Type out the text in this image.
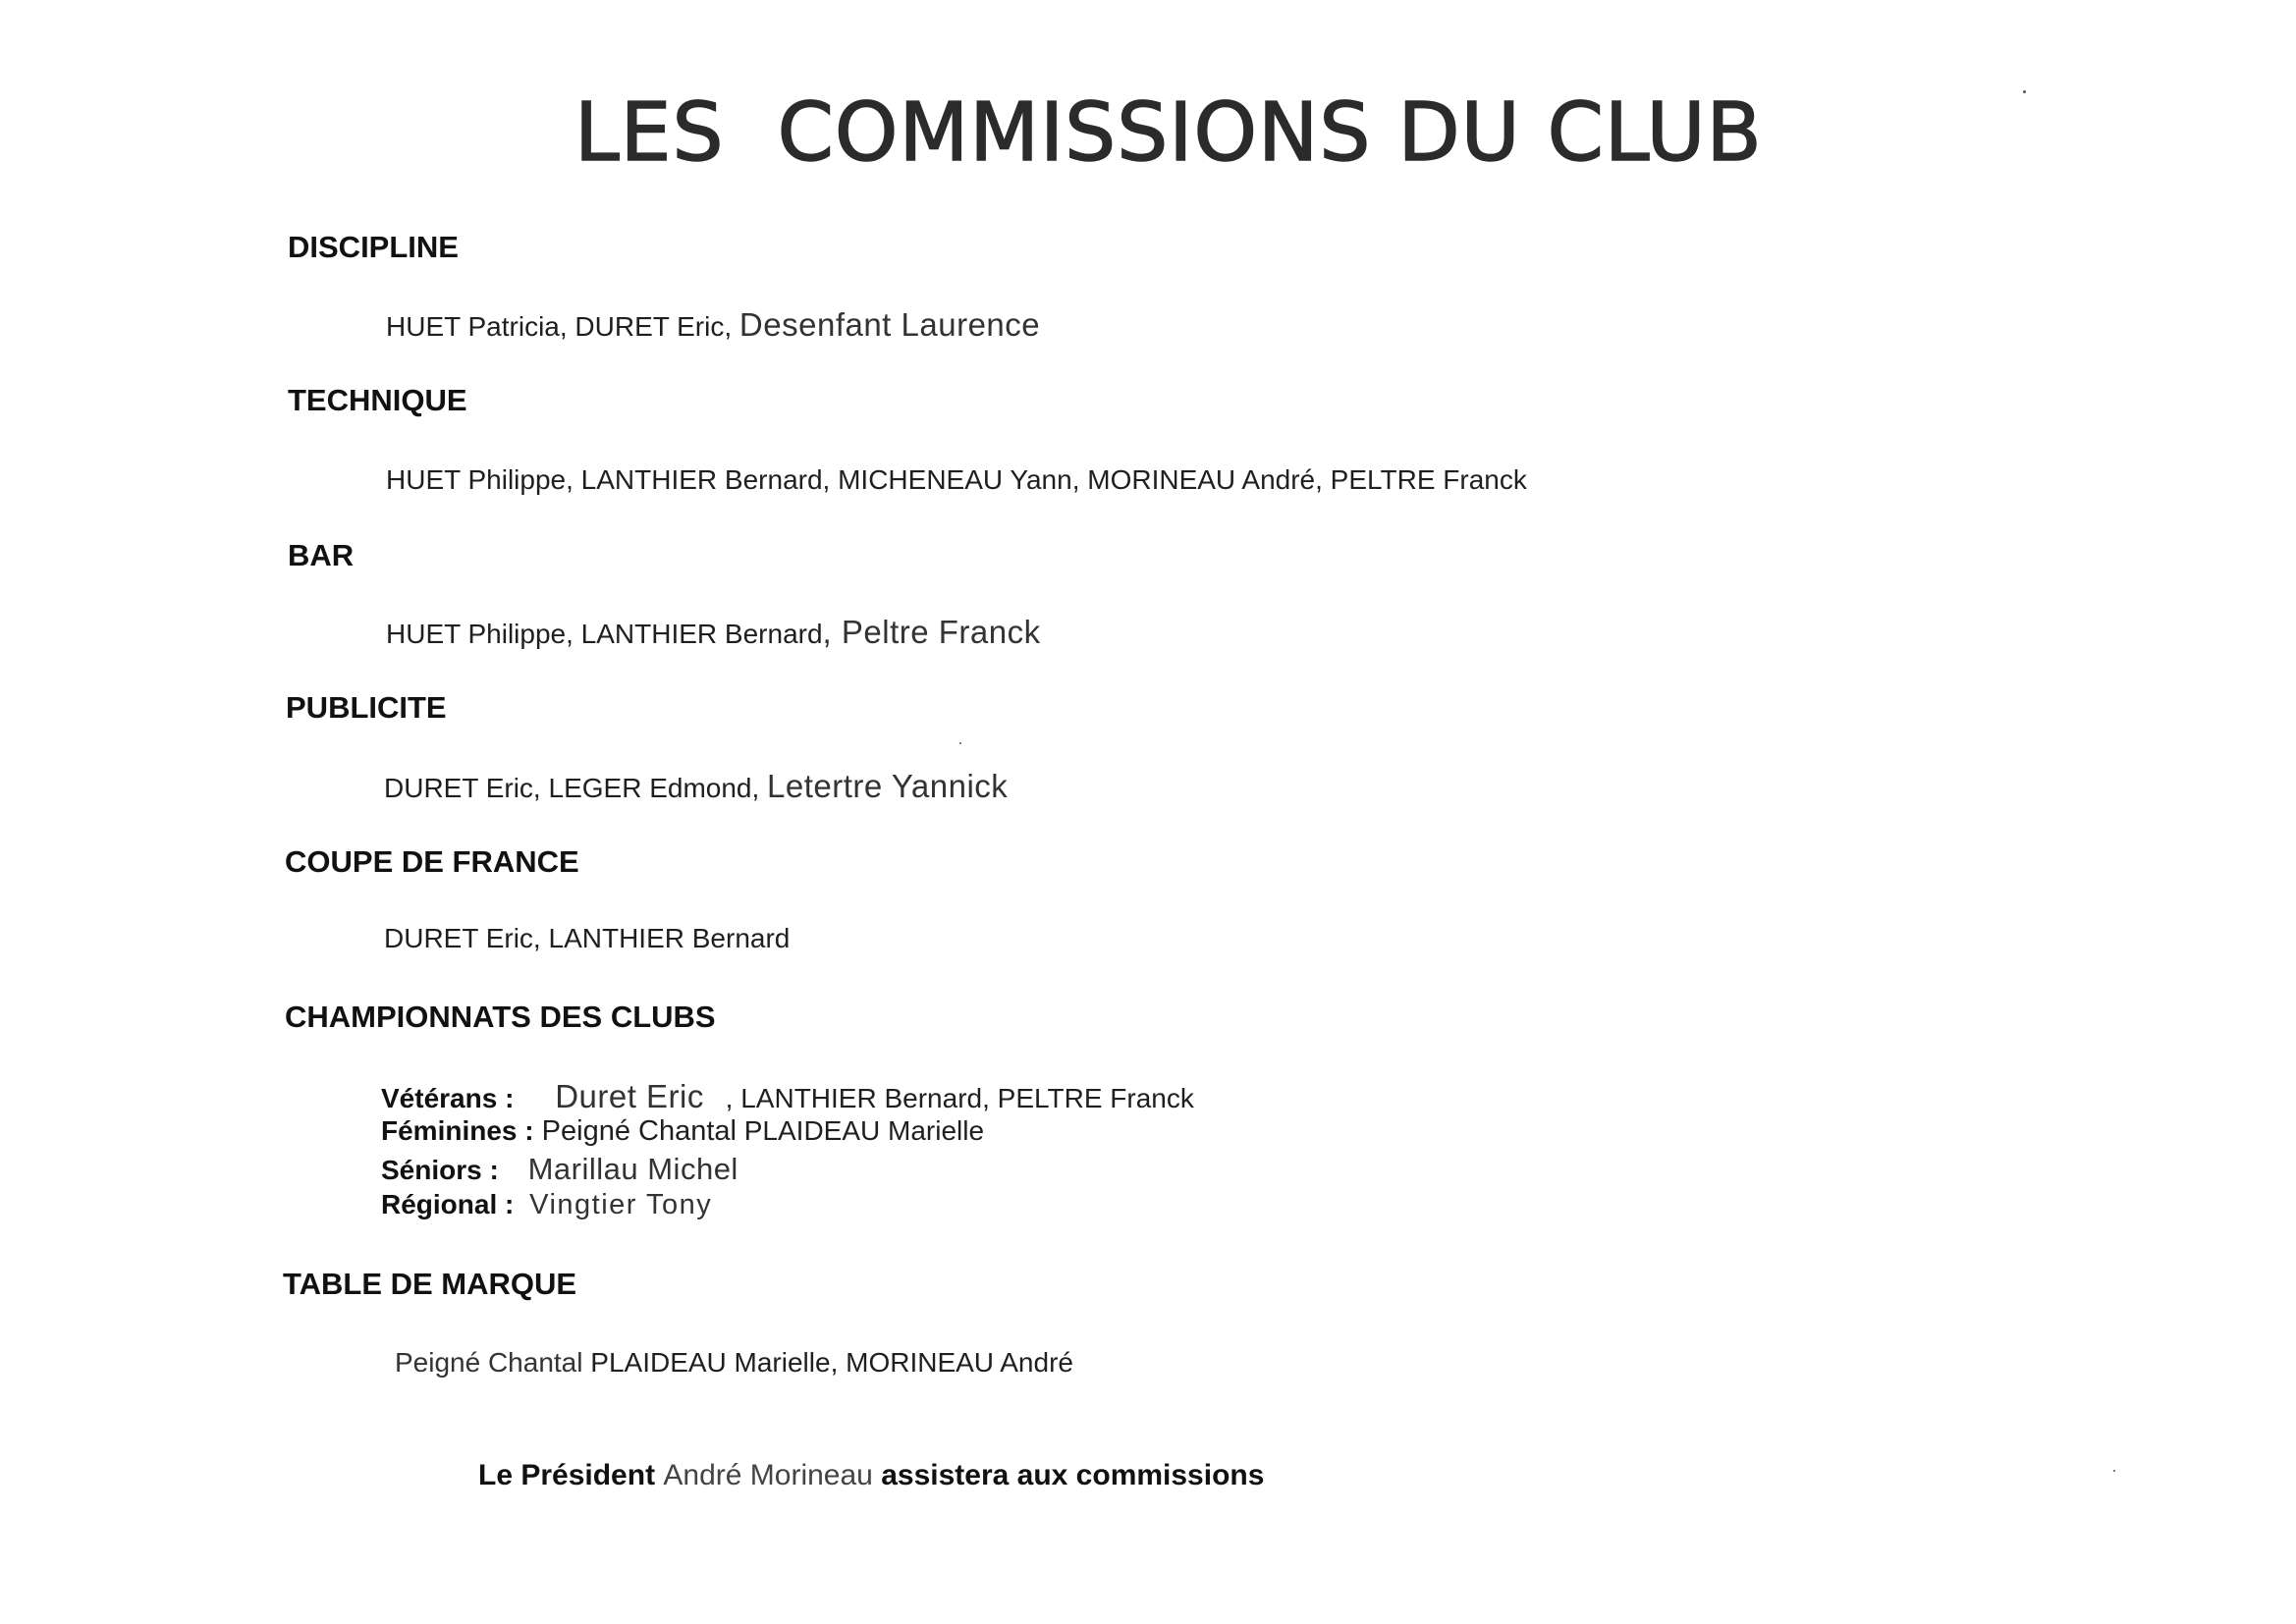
LES  COMMISSIONS DU CLUB
DISCIPLINE
HUET Patricia, DURET Eric, Desenfant Laurence
TECHNIQUE
HUET Philippe, LANTHIER Bernard, MICHENEAU Yann, MORINEAU André, PELTRE Franck
BAR
HUET Philippe, LANTHIER Bernard, Peltre Franck
PUBLICITE
DURET Eric, LEGER Edmond, Letertre Yannick
COUPE DE FRANCE
DURET Eric, LANTHIER Bernard
CHAMPIONNATS DES CLUBS
Vétérans : Duret Eric , LANTHIER Bernard, PELTRE Franck
Féminines : Peigné Chantal PLAIDEAU Marielle
Séniors : Marillau Michel
Régional : Vingtier Tony
TABLE DE MARQUE
Peigné Chantal PLAIDEAU Marielle, MORINEAU André
Le Président André Morineau assistera aux commissions
